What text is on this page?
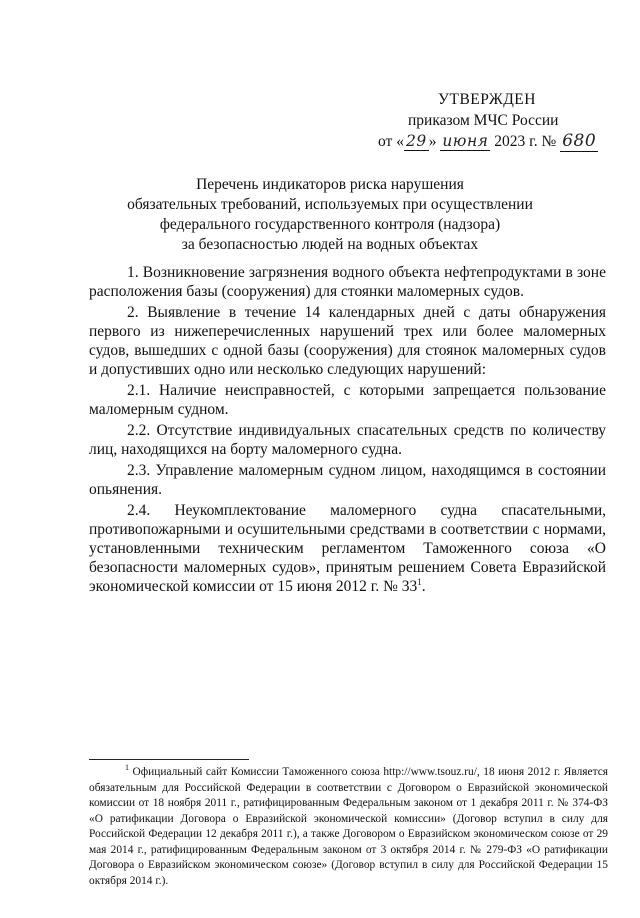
УТВЕРЖДЕН
приказом МЧС России
от « 29 » июня 2023 г. № 680
Перечень индикаторов риска нарушения
обязательных требований, используемых при осуществлении
федерального государственного контроля (надзора)
за безопасностью людей на водных объектах

1. Возникновение загрязнения водного объекта нефтепродуктами в зоне расположения базы (сооружения) для стоянки маломерных судов.

2. Выявление в течение 14 календарных дней с даты обнаружения первого из нижеперечисленных нарушений трех или более маломерных судов, вышедших с одной базы (сооружения) для стоянок маломерных судов и допустивших одно или несколько следующих нарушений:

2.1. Наличие неисправностей, с которыми запрещается пользование маломерным судном.

2.2. Отсутствие индивидуальных спасательных средств по количеству лиц, находящихся на борту маломерного судна.

2.3. Управление маломерным судном лицом, находящимся в состоянии опьянения.

2.4. Неукомплектование маломерного судна спасательными, противопожарными и осушительными средствами в соответствии с нормами, установленными техническим регламентом Таможенного союза «О безопасности маломерных судов», принятым решением Совета Евразийской экономической комиссии от 15 июня 2012 г. № $33^1$.

$^1$ Официальный сайт Комиссии Таможенного союза http://www.tsouz.ru/, 18 июня 2012 г. Является обязательным для Российской Федерации в соответствии с Договором о Евразийской экономической комиссии от 18 ноября 2011 г., ратифицированным Федеральным законом от 1 декабря 2011 г. № 374-ФЗ «О ратификации Договора о Евразийской экономической комиссии» (Договор вступил в силу для Российской Федерации 12 декабря 2011 г.), а также Договором о Евразийском экономическом союзе от 29 мая 2014 г., ратифицированным Федеральным законом от 3 октября 2014 г. № 279-ФЗ «О ратификации Договора о Евразийском экономическом союзе» (Договор вступил в силу для Российской Федерации 15 октября 2014 г.).
